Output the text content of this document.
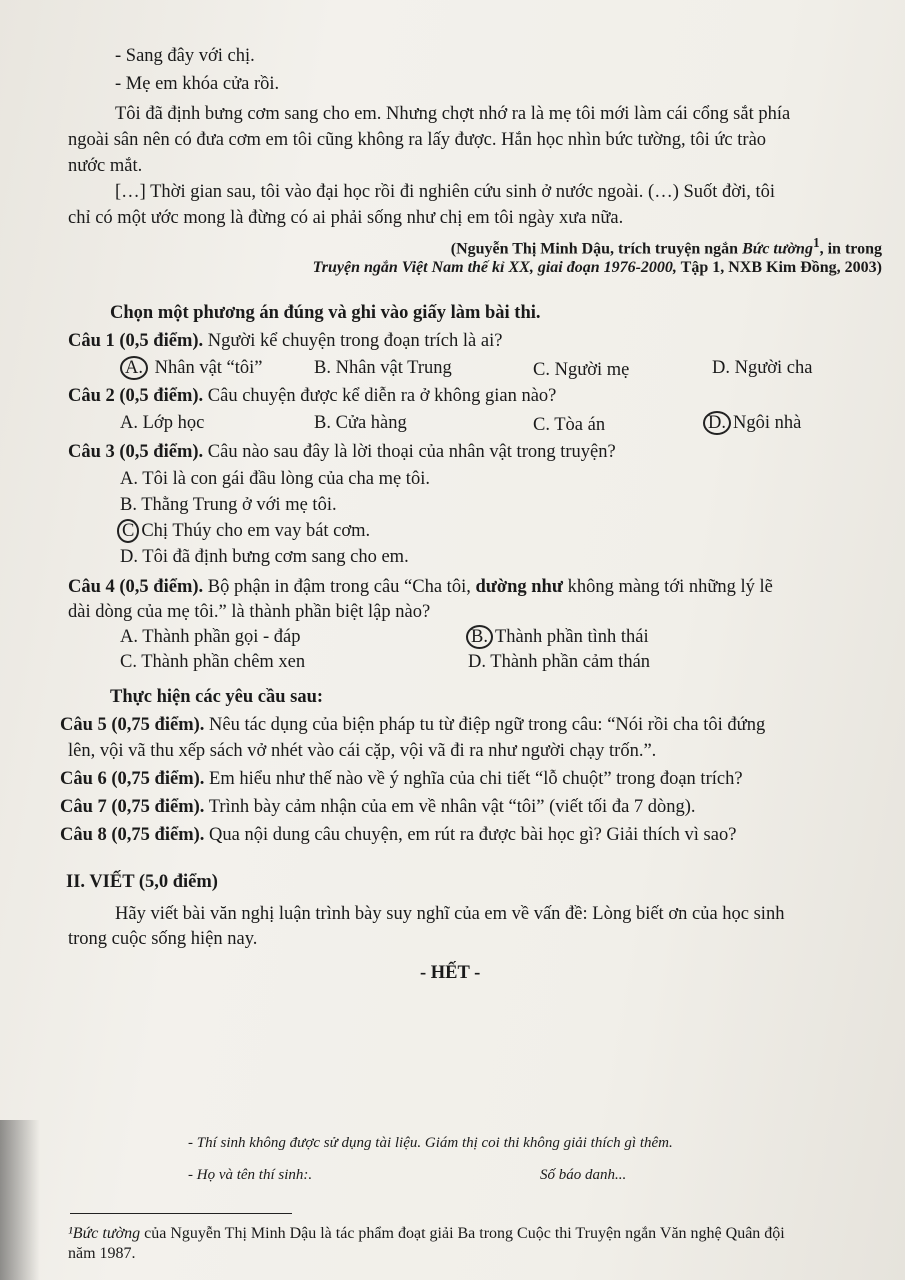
- Sang đây với chị.
- Mẹ em khóa cửa rồi.
Tôi đã định bưng cơm sang cho em. Nhưng chợt nhớ ra là mẹ tôi mới làm cái cổng sắt phía
ngoài sân nên có đưa cơm em tôi cũng không ra lấy được. Hắn học nhìn bức tường, tôi ức trào
nước mắt.
[…] Thời gian sau, tôi vào đại học rồi đi nghiên cứu sinh ở nước ngoài. (…) Suốt đời, tôi
chỉ có một ước mong là đừng có ai phải sống như chị em tôi ngày xưa nữa.
(Nguyễn Thị Minh Dậu, trích truyện ngắn Bức tường$^1$, in trong
Truyện ngắn Việt Nam thế kỉ XX, giai đoạn 1976-2000, Tập 1, NXB Kim Đồng, 2003)
Chọn một phương án đúng và ghi vào giấy làm bài thi.
Câu 1 (0,5 điểm). Người kể chuyện trong đoạn trích là ai?
A. Nhân vật “tôi”	B. Nhân vật Trung	C. Người mẹ	D. Người cha
Câu 2 (0,5 điểm). Câu chuyện được kể diễn ra ở không gian nào?
A. Lớp học	B. Cửa hàng	C. Tòa án	D. Ngôi nhà
Câu 3 (0,5 điểm). Câu nào sau đây là lời thoại của nhân vật trong truyện?
A. Tôi là con gái đầu lòng của cha mẹ tôi.
B. Thằng Trung ở với mẹ tôi.
C Chị Thúy cho em vay bát cơm.
D. Tôi đã định bưng cơm sang cho em.
Câu 4 (0,5 điểm). Bộ phận in đậm trong câu “Cha tôi, dường như không màng tới những lý lẽ
dài dòng của mẹ tôi.” là thành phần biệt lập nào?
A. Thành phần gọi - đáp	B. Thành phần tình thái
C. Thành phần chêm xen	D. Thành phần cảm thán
Thực hiện các yêu cầu sau:
Câu 5 (0,75 điểm). Nêu tác dụng của biện pháp tu từ điệp ngữ trong câu: “Nói rồi cha tôi đứng
lên, vội vã thu xếp sách vở nhét vào cái cặp, vội vã đi ra như người chạy trốn.”.
Câu 6 (0,75 điểm). Em hiểu như thế nào về ý nghĩa của chi tiết “lỗ chuột” trong đoạn trích?
Câu 7 (0,75 điểm). Trình bày cảm nhận của em về nhân vật “tôi” (viết tối đa 7 dòng).
Câu 8 (0,75 điểm). Qua nội dung câu chuyện, em rút ra được bài học gì? Giải thích vì sao?
II. VIẾT (5,0 điểm)
Hãy viết bài văn nghị luận trình bày suy nghĩ của em về vấn đề: Lòng biết ơn của học sinh
trong cuộc sống hiện nay.
- HẾT -
- Thí sinh không được sử dụng tài liệu. Giám thị coi thi không giải thích gì thêm.
- Họ và tên thí sinh:.	Số báo danh...
¹Bức tường của Nguyễn Thị Minh Dậu là tác phẩm đoạt giải Ba trong Cuộc thi Truyện ngắn Văn nghệ Quân đội
năm 1987.
